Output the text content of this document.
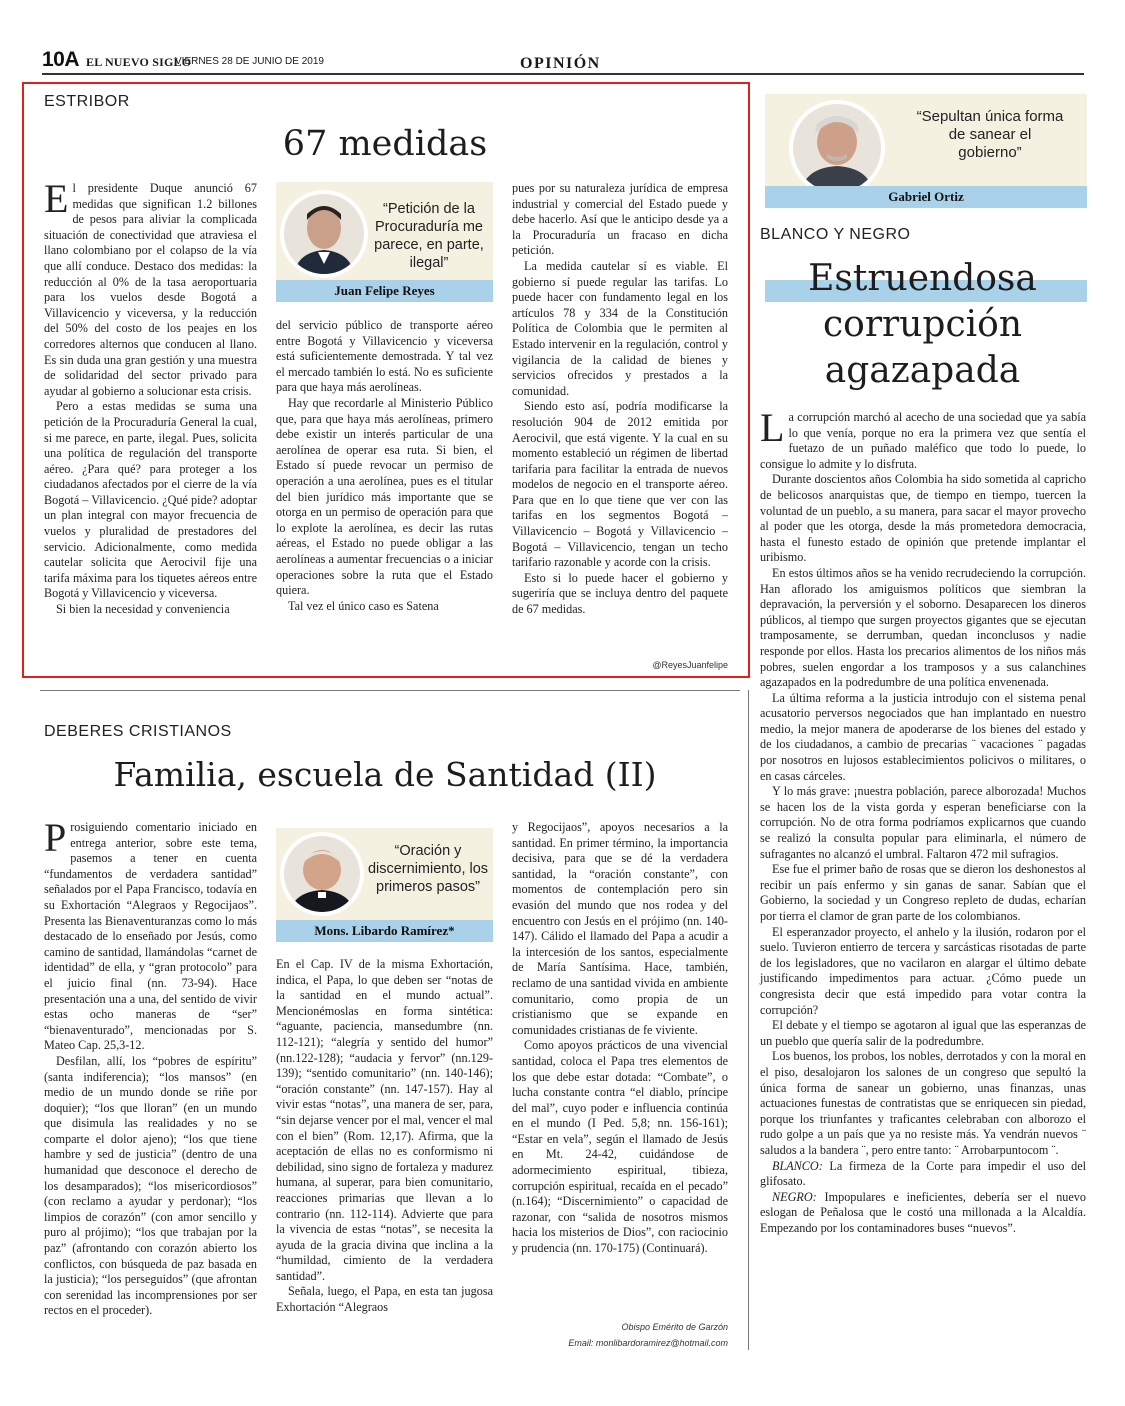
10A EL NUEVO SIGLO
VIERNES 28 DE JUNIO DE 2019	OPINIÓN
ESTRIBOR
67 medidas
E l presidente Duque anunció 67 medidas que significan 1.2 billones de pesos para aliviar la complicada situación de conectividad que atraviesa el llano colombiano por el colapso de la vía que allí conduce. Destaco dos medidas: la reducción al 0% de la tasa aeroportuaria para los vuelos desde Bogotá a Villavicencio y viceversa, y la reducción del 50% del costo de los peajes en los corredores alternos que conducen al llano. Es sin duda una gran gestión y una muestra de solidaridad del sector privado para ayudar al gobierno a solucionar esta crisis.

Pero a estas medidas se suma una petición de la Procuraduría General la cual, si me parece, en parte, ilegal. Pues, solicita una política de regulación del transporte aéreo. ¿Para qué? para proteger a los ciudadanos afectados por el cierre de la vía Bogotá – Villavicencio. ¿Qué pide? adoptar un plan integral con mayor frecuencia de vuelos y pluralidad de prestadores del servicio. Adicionalmente, como medida cautelar solicita que Aerocivil fije una tarifa máxima para los tiquetes aéreos entre Bogotá y Villavicencio y viceversa.

Si bien la necesidad y conveniencia

“Petición de la Procuraduría me parece, en parte, ilegal”
Juan Felipe Reyes

del servicio público de transporte aéreo entre Bogotá y Villavicencio y viceversa está suficientemente demostrada. Y tal vez el mercado también lo está. No es suficiente para que haya más aerolíneas.

Hay que recordarle al Ministerio Público que, para que haya más aerolíneas, primero debe existir un interés particular de una aerolínea de operar esa ruta. Si bien, el Estado sí puede revocar un permiso de operación a una aerolínea, pues es el titular del bien jurídico más importante que se otorga en un permiso de operación para que lo explote la aerolínea, es decir las rutas aéreas, el Estado no puede obligar a las aerolíneas a aumentar frecuencias o a iniciar operaciones sobre la ruta que el Estado quiera.

Tal vez el único caso es Satena

pues por su naturaleza jurídica de empresa industrial y comercial del Estado puede y debe hacerlo. Así que le anticipo desde ya a la Procuraduría un fracaso en dicha petición.

La medida cautelar sí es viable. El gobierno sí puede regular las tarifas. Lo puede hacer con fundamento legal en los artículos 78 y 334 de la Constitución Política de Colombia que le permiten al Estado intervenir en la regulación, control y vigilancia de la calidad de bienes y servicios ofrecidos y prestados a la comunidad.

Siendo esto así, podría modificarse la resolución 904 de 2012 emitida por Aerocivil, que está vigente. Y la cual en su momento estableció un régimen de libertad tarifaria para facilitar la entrada de nuevos modelos de negocio en el transporte aéreo. Para que en lo que tiene que ver con las tarifas en los segmentos Bogotá – Villavicencio – Bogotá y Villavicencio – Bogotá – Villavicencio, tengan un techo tarifario razonable y acorde con la crisis.

Esto si lo puede hacer el gobierno y sugeriría que se incluya dentro del paquete de 67 medidas.

@ReyesJuanfelipe
DEBERES CRISTIANOS
Familia, escuela de Santidad (II)
P rosiguiendo comentario iniciado en entrega anterior, sobre este tema, pasemos a tener en cuenta “fundamentos de verdadera santidad” señalados por el Papa Francisco, todavía en su Exhortación “Alegraos y Regocijaos”. Presenta las Bienaventuranzas como lo más destacado de lo enseñado por Jesús, como camino de santidad, llamándolas “carnet de identidad” de ella, y “gran protocolo” para el juicio final (nn. 73-94). Hace presentación una a una, del sentido de vivir estas ocho maneras de “ser” “bienaventurado”, mencionadas por S. Mateo Cap. 25,3-12.

Desfilan, allí, los “pobres de espíritu” (santa indiferencia); “los mansos” (en medio de un mundo donde se riñe por doquier); “los que lloran” (en un mundo que disimula las realidades y no se comparte el dolor ajeno); “los que tiene hambre y sed de justicia” (dentro de una humanidad que desconoce el derecho de los desamparados); “los misericordiosos” (con reclamo a ayudar y perdonar); “los limpios de corazón” (con amor sencillo y puro al prójimo); “los que trabajan por la paz” (afrontando con corazón abierto los conflictos, con búsqueda de paz basada en la justicia); “los perseguidos” (que afrontan con serenidad las incomprensiones por ser rectos en el proceder).

“Oración y discernimiento, los primeros pasos”
Mons. Libardo Ramírez*

En el Cap. IV de la misma Exhortación, indica, el Papa, lo que deben ser “notas de la santidad en el mundo actual”. Mencionémoslas en forma sintética: “aguante, paciencia, mansedumbre (nn. 112-121); “alegría y sentido del humor” (nn.122-128); “audacia y fervor” (nn.129-139); “sentido comunitario” (nn. 140-146); “oración constante” (nn. 147-157). Hay al vivir estas “notas”, una manera de ser, para, “sin dejarse vencer por el mal, vencer el mal con el bien” (Rom. 12,17). Afirma, que la aceptación de ellas no es conformismo ni debilidad, sino signo de fortaleza y madurez humana, al superar, para bien comunitario, reacciones primarias que llevan a lo contrario (nn. 112-114). Advierte que para la vivencia de estas “notas”, se necesita la ayuda de la gracia divina que inclina a la “humildad, cimiento de la verdadera santidad”.

Señala, luego, el Papa, en esta tan jugosa Exhortación “Alegraos

y Regocijaos”, apoyos necesarios a la santidad. En primer término, la importancia decisiva, para que se dé la verdadera santidad, la “oración constante”, con momentos de contemplación pero sin evasión del mundo que nos rodea y del encuentro con Jesús en el prójimo (nn. 140-147). Cálido el llamado del Papa a acudir a la intercesión de los santos, especialmente de María Santísima. Hace, también, reclamo de una santidad vivida en ambiente comunitario, como propia de un cristianismo que se expande en comunidades cristianas de fe viviente.

Como apoyos prácticos de una vivencial santidad, coloca el Papa tres elementos de los que debe estar dotada: “Combate”, o lucha constante contra “el diablo, príncipe del mal”, cuyo poder e influencia continúa en el mundo (I Ped. 5,8; nn. 156-161); “Estar en vela”, según el llamado de Jesús en Mt. 24-42, cuidándose de adormecimiento espiritual, tibieza, corrupción espiritual, recaída en el pecado” (n.164); “Discernimiento” o capacidad de razonar, con “salida de nosotros mismos hacia los misterios de Dios”, con raciocinio y prudencia (nn. 170-175) (Continuará).

Obispo Emérito de Garzón
Email: monlibardoramirez@hotmail.com
“Sepultan única forma de sanear el gobierno”
Gabriel Ortiz
BLANCO Y NEGRO
Estruendosa corrupción agazapada
L a corrupción marchó al acecho de una sociedad que ya sabía lo que venía, porque no era la primera vez que sentía el fuetazo de un puñado maléfico que todo lo puede, lo consigue lo admite y lo disfruta.

Durante doscientos años Colombia ha sido sometida al capricho de belicosos anarquistas que, de tiempo en tiempo, tuercen la voluntad de un pueblo, a su manera, para sacar el mayor provecho al poder que les otorga, desde la más prometedora democracia, hasta el funesto estado de opinión que pretende implantar el uribismo.

En estos últimos años se ha venido recrudeciendo la corrupción. Han aflorado los amiguismos políticos que siembran la depravación, la perversión y el soborno. Desaparecen los dineros públicos, al tiempo que surgen proyectos gigantes que se ejecutan tramposamente, se derrumban, quedan inconclusos y nadie responde por ellos. Hasta los precarios alimentos de los niños más pobres, suelen engordar a los tramposos y a sus calanchines agazapados en la podredumbre de una política envenenada.

La última reforma a la justicia introdujo con el sistema penal acusatorio perversos negociados que han implantado en nuestro medio, la mejor manera de apoderarse de los bienes del estado y de los ciudadanos, a cambio de precarias ¨ vacaciones ¨ pagadas por nosotros en lujosos establecimientos policivos o militares, o en casas cárceles.

Y lo más grave: ¡nuestra población, parece alborozada! Muchos se hacen los de la vista gorda y esperan beneficiarse con la corrupción. No de otra forma podríamos explicarnos que cuando se realizó la consulta popular para eliminarla, el número de sufragantes no alcanzó el umbral. Faltaron 472 mil sufragios.

Ese fue el primer baño de rosas que se dieron los deshonestos al recibir un país enfermo y sin ganas de sanar. Sabían que el Gobierno, la sociedad y un Congreso repleto de dudas, echarían por tierra el clamor de gran parte de los colombianos.

El esperanzador proyecto, el anhelo y la ilusión, rodaron por el suelo. Tuvieron entierro de tercera y sarcásticas risotadas de parte de los legisladores, que no vacilaron en alargar el último debate justificando impedimentos para actuar. ¿Cómo puede un congresista decir que está impedido para votar contra la corrupción?

El debate y el tiempo se agotaron al igual que las esperanzas de un pueblo que quería salir de la podredumbre.

Los buenos, los probos, los nobles, derrotados y con la moral en el piso, desalojaron los salones de un congreso que sepultó la única forma de sanear un gobierno, unas finanzas, unas actuaciones funestas de contratistas que se enriquecen sin piedad, porque los triunfantes y traficantes celebraban con alborozo el rudo golpe a un país que ya no resiste más. Ya vendrán nuevos ¨ saludos a la bandera ¨, pero entre tanto: ¨ Arrobarpuntocom ¨.

BLANCO: La firmeza de la Corte para impedir el uso del glifosato.

NEGRO: Impopulares e ineficientes, debería ser el nuevo eslogan de Peñalosa que le costó una millonada a la Alcaldía. Empezando por los contaminadores buses “nuevos”.
